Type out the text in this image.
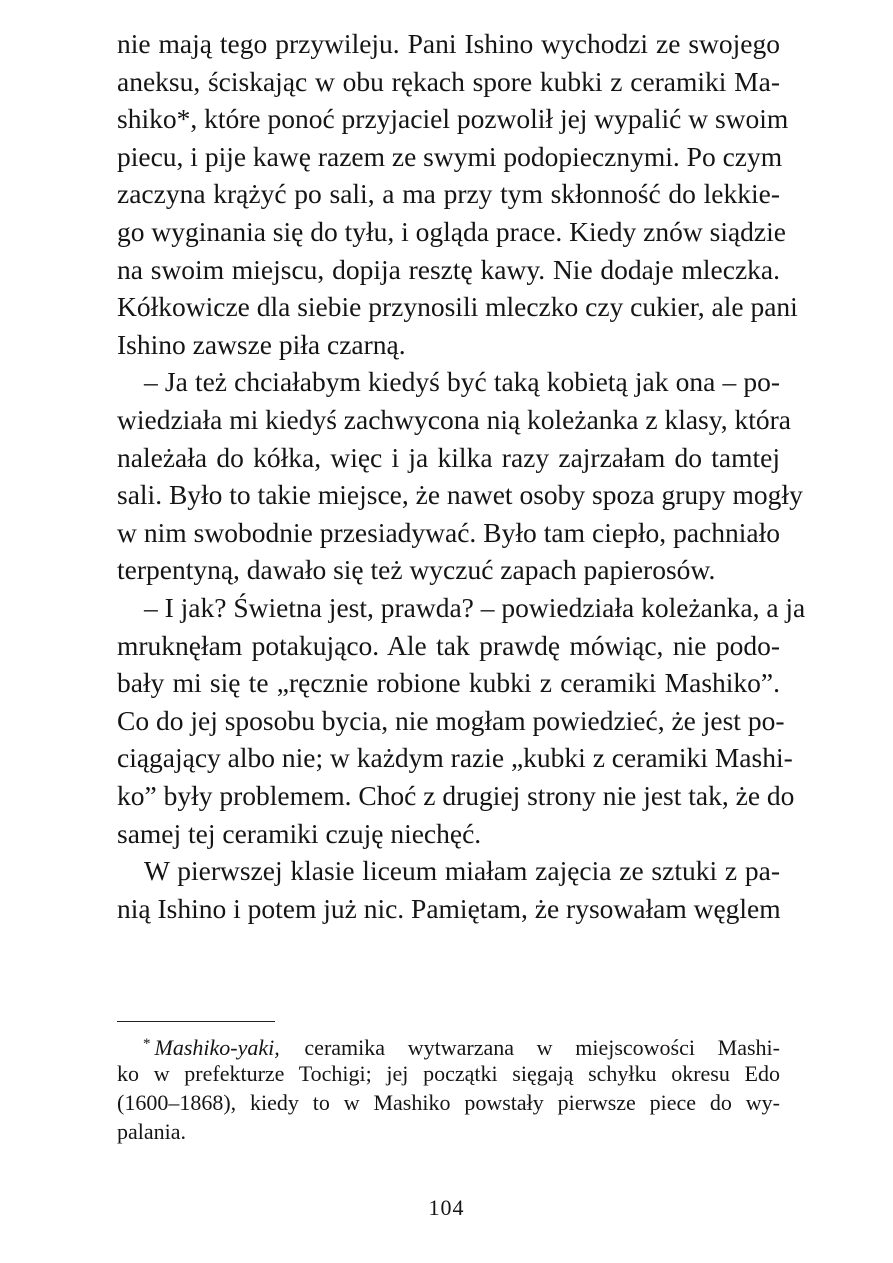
nie mają tego przywileju. Pani Ishino wychodzi ze swojego
aneksu, ściskając w obu rękach spore kubki z ceramiki Ma-
shiko*, które ponoć przyjaciel pozwolił jej wypalić w swoim
piecu, i pije kawę razem ze swymi podopiecznymi. Po czym
zaczyna krążyć po sali, a ma przy tym skłonność do lekkie-
go wyginania się do tyłu, i ogląda prace. Kiedy znów siądzie
na swoim miejscu, dopija resztę kawy. Nie dodaje mleczka.
Kółkowicze dla siebie przynosili mleczko czy cukier, ale pani
Ishino zawsze piła czarną.
– Ja też chciałabym kiedyś być taką kobietą jak ona – po-
wiedziała mi kiedyś zachwycona nią koleżanka z klasy, która
należała do kółka, więc i ja kilka razy zajrzałam do tamtej
sali. Było to takie miejsce, że nawet osoby spoza grupy mogły
w nim swobodnie przesiadywać. Było tam ciepło, pachniało
terpentyną, dawało się też wyczuć zapach papierosów.
– I jak? Świetna jest, prawda? – powiedziała koleżanka, a ja
mruknęłam potakująco. Ale tak prawdę mówiąc, nie podo-
bały mi się te „ręcznie robione kubki z ceramiki Mashiko”.
Co do jej sposobu bycia, nie mogłam powiedzieć, że jest po-
ciągający albo nie; w każdym razie „kubki z ceramiki Mashi-
ko” były problemem. Choć z drugiej strony nie jest tak, że do
samej tej ceramiki czuję niechęć.
W pierwszej klasie liceum miałam zajęcia ze sztuki z pa-
nią Ishino i potem już nic. Pamiętam, że rysowałam węglem
* Mashiko-yaki, ceramika wytwarzana w miejscowości Mashi-
ko w prefekturze Tochigi; jej początki sięgają schyłku okresu Edo
(1600–1868), kiedy to w Mashiko powstały pierwsze piece do wy-
palania.
104
